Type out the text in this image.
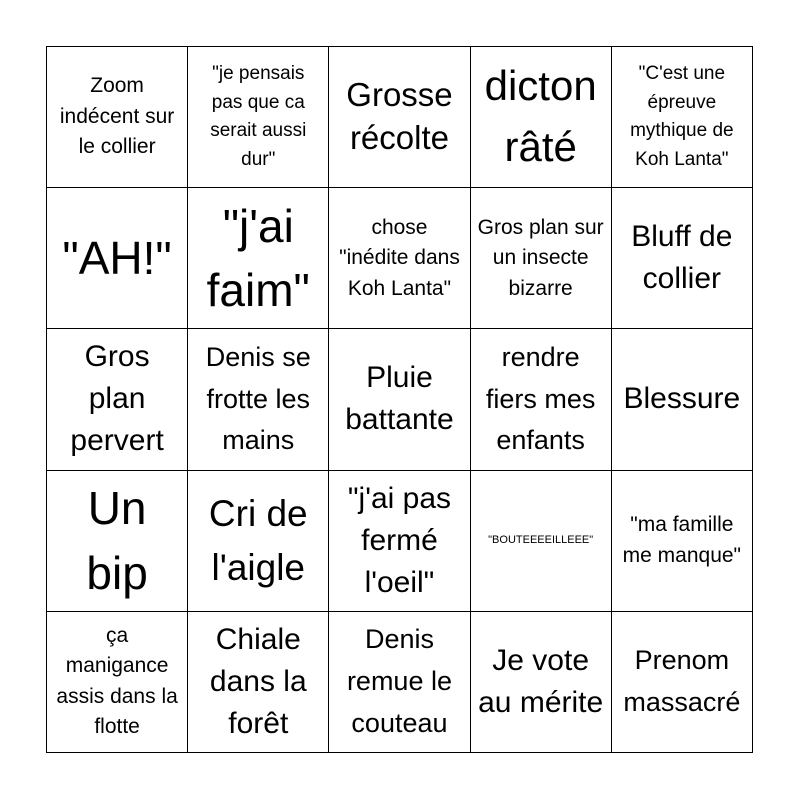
Zoom indécent sur le collier
"je pensais pas que ca serait aussi dur"
Grosse récolte
dicton râté
"C'est une épreuve mythique de Koh Lanta"
"AH!"
"j'ai faim"
chose "inédite dans Koh Lanta"
Gros plan sur un insecte bizarre
Bluff de collier
Gros plan pervert
Denis se frotte les mains
Pluie battante
rendre fiers mes enfants
Blessure
Un bip
Cri de l'aigle
"j'ai pas fermé l'oeil"
"BOUTEEEEILLEEE"
"ma famille me manque"
ça manigance assis dans la flotte
Chiale dans la forêt
Denis remue le couteau
Je vote au mérite
Prenom massacré
